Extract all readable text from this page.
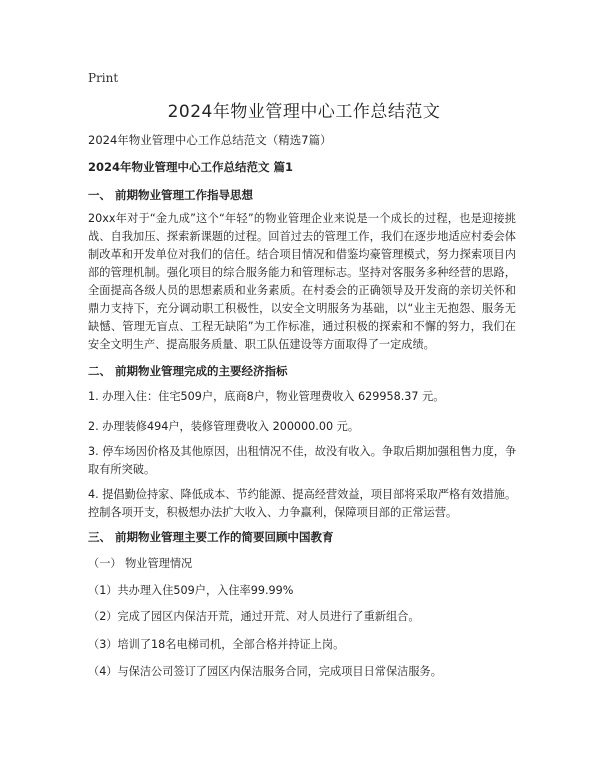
Print
2024年物业管理中心工作总结范文
2024年物业管理中心工作总结范文（精选7篇）
2024年物业管理中心工作总结范文 篇1
一、 前期物业管理工作指导思想

20xx年对于“金九成”这个“年轻”的物业管理企业来说是一个成长的过程，也是迎接挑战、自我加压、探索新课题的过程。回首过去的管理工作，我们在逐步地适应村委会体制改革和开发单位对我们的信任。结合项目情况和借鉴均豪管理模式，努力探索项目内部的管理机制。强化项目的综合服务能力和管理标志。坚持对客服务多种经营的思路，全面提高各级人员的思想素质和业务素质。在村委会的正确领导及开发商的亲切关怀和鼎力支持下，充分调动职工积极性，以安全文明服务为基础，以“业主无抱怨、服务无缺憾、管理无盲点、工程无缺陷”为工作标准，通过积极的探索和不懈的努力，我们在安全文明生产、提高服务质量、职工队伍建设等方面取得了一定成绩。

二、 前期物业管理完成的主要经济指标

1. 办理入住：住宅509户，底商8户，物业管理费收入 629958.37 元。

2. 办理装修494户，装修管理费收入 200000.00 元。

3. 停车场因价格及其他原因，出租情况不佳，故没有收入。争取后期加强租售力度，争取有所突破。

4. 提倡勤俭持家、降低成本、节约能源、提高经营效益，项目部将采取严格有效措施。控制各项开支，积极想办法扩大收入、力争赢利，保障项目部的正常运营。

三、 前期物业管理主要工作的简要回顾中国教育

（一） 物业管理情况

（1）共办理入住509户，入住率99.99%

（2）完成了园区内保洁开荒，通过开荒、对人员进行了重新组合。

（3）培训了18名电梯司机，全部合格并持证上岗。

（4）与保洁公司签订了园区内保洁服务合同，完成项目日常保洁服务。
